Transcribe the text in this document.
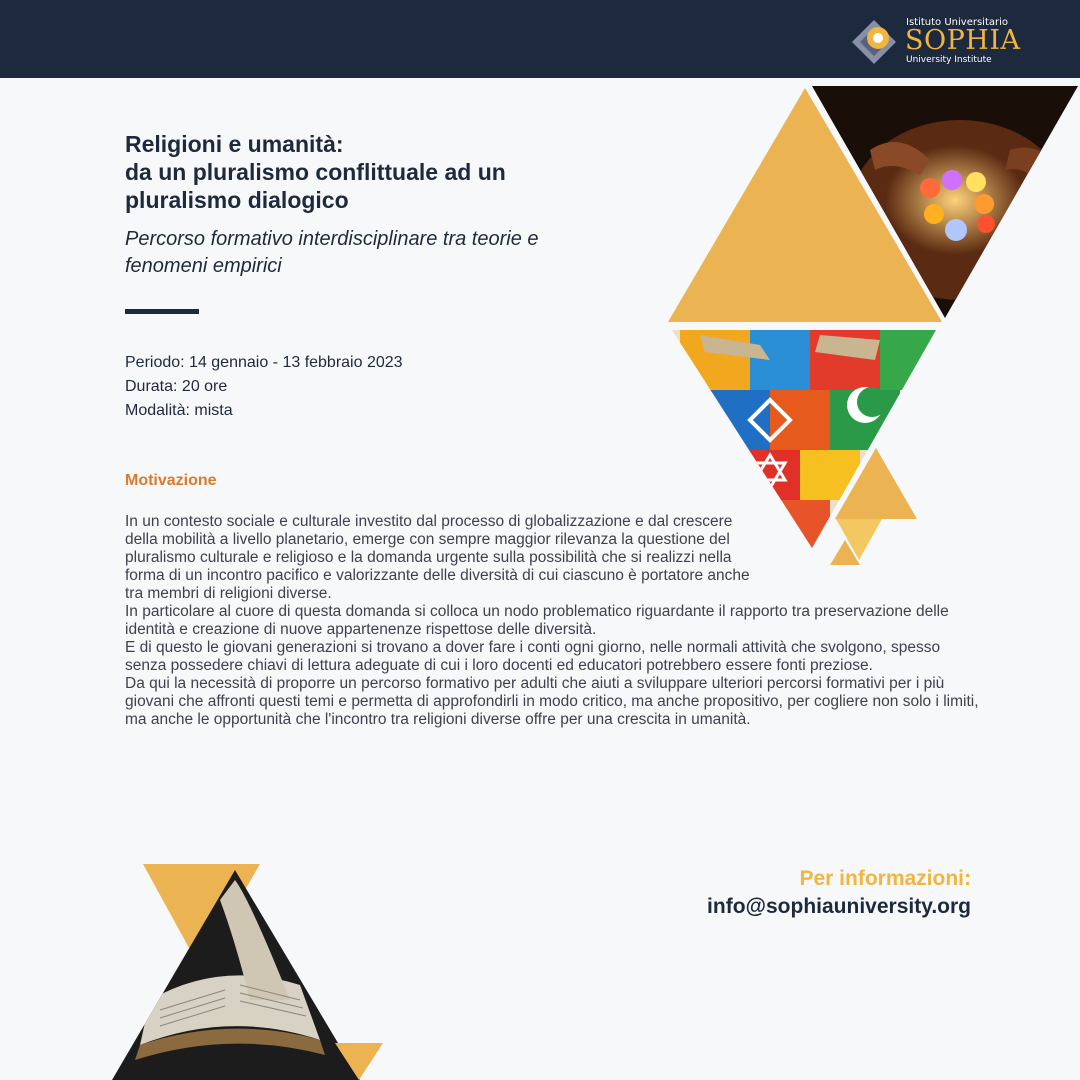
Istituto Universitario
SOPHIA
University Institute
Religioni e umanità:
da un pluralismo conflittuale ad un
pluralismo dialogico

Percorso formativo interdisciplinare tra teorie e
fenomeni empirici

Periodo: 14 gennaio - 13 febbraio 2023
Durata: 20 ore
Modalità: mista
Motivazione

In un contesto sociale e culturale investito dal processo di globalizzazione e dal crescere della mobilità a livello planetario, emerge con sempre maggior rilevanza la questione del pluralismo culturale e religioso e la domanda urgente sulla possibilità che si realizzi nella forma di un incontro pacifico e valorizzante delle diversità di cui ciascuno è portatore anche tra membri di religioni diverse.

In particolare al cuore di questa domanda si colloca un nodo problematico riguardante il rapporto tra preservazione delle identità e creazione di nuove appartenenze rispettose delle diversità.

E di questo le giovani generazioni si trovano a dover fare i conti ogni giorno, nelle normali attività che svolgono, spesso senza possedere chiavi di lettura adeguate di cui i loro docenti ed educatori potrebbero essere fonti preziose.

Da qui la necessità di proporre un percorso formativo per adulti che aiuti a sviluppare ulteriori percorsi formativi per i più giovani che affronti questi temi e permetta di approfondirli in modo critico, ma anche propositivo, per cogliere non solo i limiti, ma anche le opportunità che l'incontro tra religioni diverse offre per una crescita in umanità.

Per informazioni:
info@sophiauniversity.org
